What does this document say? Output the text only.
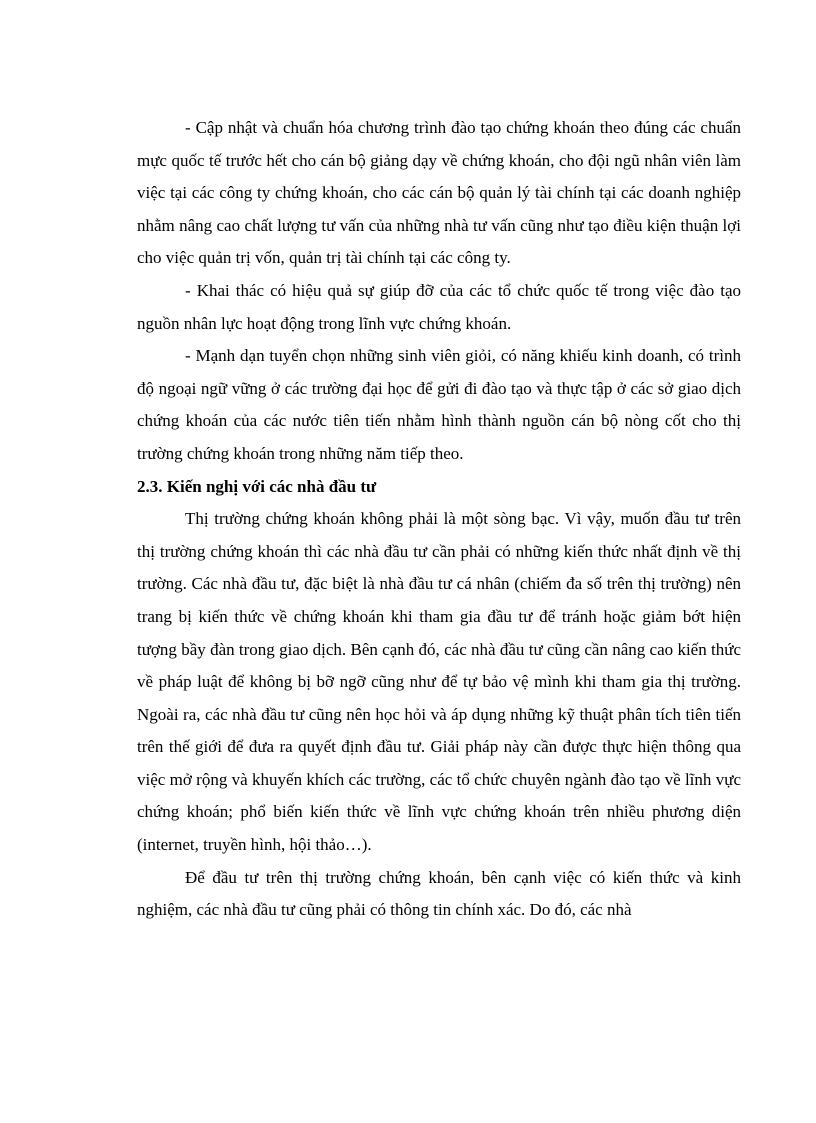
- Cập nhật và chuẩn hóa chương trình đào tạo chứng khoán theo đúng các chuẩn mực quốc tế trước hết cho cán bộ giảng dạy về chứng khoán, cho đội ngũ nhân viên làm việc tại các công ty chứng khoán, cho các cán bộ quản lý tài chính tại các doanh nghiệp nhằm nâng cao chất lượng tư vấn của những nhà tư vấn cũng như tạo điều kiện thuận lợi cho việc quản trị vốn, quản trị tài chính tại các công ty.

- Khai thác có hiệu quả sự giúp đỡ của các tổ chức quốc tế trong việc đào tạo nguồn nhân lực hoạt động trong lĩnh vực chứng khoán.

- Mạnh dạn tuyển chọn những sinh viên giỏi, có năng khiếu kinh doanh, có trình độ ngoại ngữ vững ở các trường đại học để gửi đi đào tạo và thực tập ở các sở giao dịch chứng khoán của các nước tiên tiến nhằm hình thành nguồn cán bộ nòng cốt cho thị trường chứng khoán trong những năm tiếp theo.

2.3. Kiến nghị với các nhà đầu tư

Thị trường chứng khoán không phải là một sòng bạc. Vì vậy, muốn đầu tư trên thị trường chứng khoán thì các nhà đầu tư cần phải có những kiến thức nhất định về thị trường. Các nhà đầu tư, đặc biệt là nhà đầu tư cá nhân (chiếm đa số trên thị trường) nên trang bị kiến thức về chứng khoán khi tham gia đầu tư để tránh hoặc giảm bớt hiện tượng bầy đàn trong giao dịch. Bên cạnh đó, các nhà đầu tư cũng cần nâng cao kiến thức về pháp luật để không bị bỡ ngỡ cũng như để tự bảo vệ mình khi tham gia thị trường. Ngoài ra, các nhà đầu tư cũng nên học hỏi và áp dụng những kỹ thuật phân tích tiên tiến trên thế giới để đưa ra quyết định đầu tư. Giải pháp này cần được thực hiện thông qua việc mở rộng và khuyến khích các trường, các tổ chức chuyên ngành đào tạo về lĩnh vực chứng khoán; phổ biến kiến thức về lĩnh vực chứng khoán trên nhiều phương diện (internet, truyền hình, hội thảo…).

Để đầu tư trên thị trường chứng khoán, bên cạnh việc có kiến thức và kinh nghiệm, các nhà đầu tư cũng phải có thông tin chính xác. Do đó, các nhà
